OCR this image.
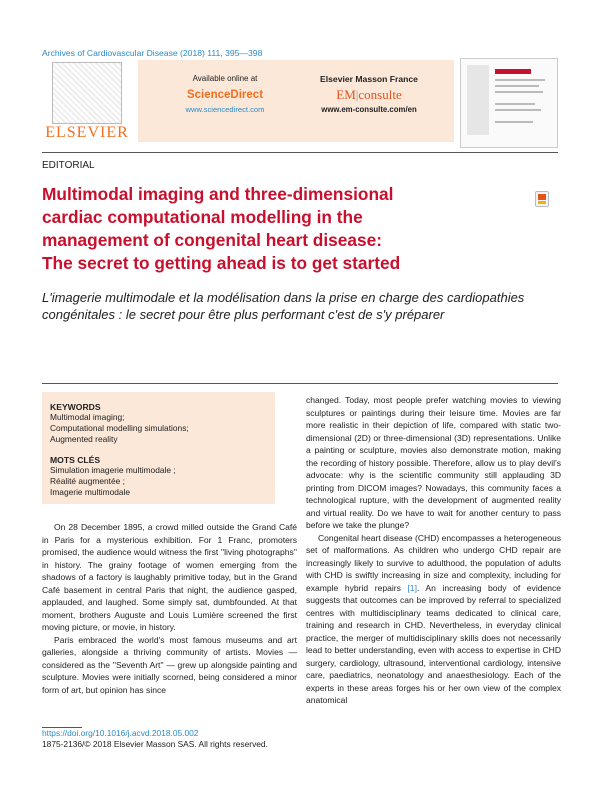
Archives of Cardiovascular Disease (2018) 111, 395—398
ELSEVIER
Available online at
ScienceDirect
www.sciencedirect.com
Elsevier Masson France
EM|consulte
www.em-consulte.com/en
EDITORIAL
Multimodal imaging and three-dimensional
cardiac computational modelling in the
management of congenital heart disease:
The secret to getting ahead is to get started
L'imagerie multimodale et la modélisation dans la prise en charge des cardiopathies congénitales : le secret pour être plus performant c'est de s'y préparer
KEYWORDS
Multimodal imaging;
Computational modelling simulations;
Augmented reality
MOTS CLÉS
Simulation imagerie multimodale ;
Réalité augmentée ;
Imagerie multimodale

On 28 December 1895, a crowd milled outside the Grand Café in Paris for a mysterious exhibition. For 1 Franc, promoters promised, the audience would witness the first ''living photographs'' in history. The grainy footage of women emerging from the shadows of a factory is laughably primitive today, but in the Grand Café basement in central Paris that night, the audience gasped, applauded, and laughed. Some simply sat, dumbfounded. At that moment, brothers Auguste and Louis Lumière screened the first moving picture, or movie, in history.

Paris embraced the world's most famous museums and art galleries, alongside a thriving community of artists. Movies — considered as the ''Seventh Art'' — grew up alongside painting and sculpture. Movies were initially scorned, being considered a minor form of art, but opinion has since

changed. Today, most people prefer watching movies to viewing sculptures or paintings during their leisure time. Movies are far more realistic in their depiction of life, compared with static two-dimensional (2D) or three-dimensional (3D) representations. Unlike a painting or sculpture, movies also demonstrate motion, making the recording of history possible. Therefore, allow us to play devil's advocate: why is the scientific community still applauding 3D printing from DICOM images? Nowadays, this community faces a technological rupture, with the development of augmented reality and virtual reality. Do we have to wait for another century to pass before we take the plunge?

Congenital heart disease (CHD) encompasses a heterogeneous set of malformations. As children who undergo CHD repair are increasingly likely to survive to adulthood, the population of adults with CHD is swiftly increasing in size and complexity, including for example hybrid repairs [1]. An increasing body of evidence suggests that outcomes can be improved by referral to specialized centres with multidisciplinary teams dedicated to clinical care, training and research in CHD. Nevertheless, in everyday clinical practice, the merger of multidisciplinary skills does not necessarily lead to better understanding, even with access to expertise in CHD surgery, cardiology, ultrasound, interventional cardiology, intensive care, paediatrics, neonatology and anaesthesiology. Each of the experts in these areas forges his or her own view of the complex anatomical

https://doi.org/10.1016/j.acvd.2018.05.002
1875-2136/© 2018 Elsevier Masson SAS. All rights reserved.
